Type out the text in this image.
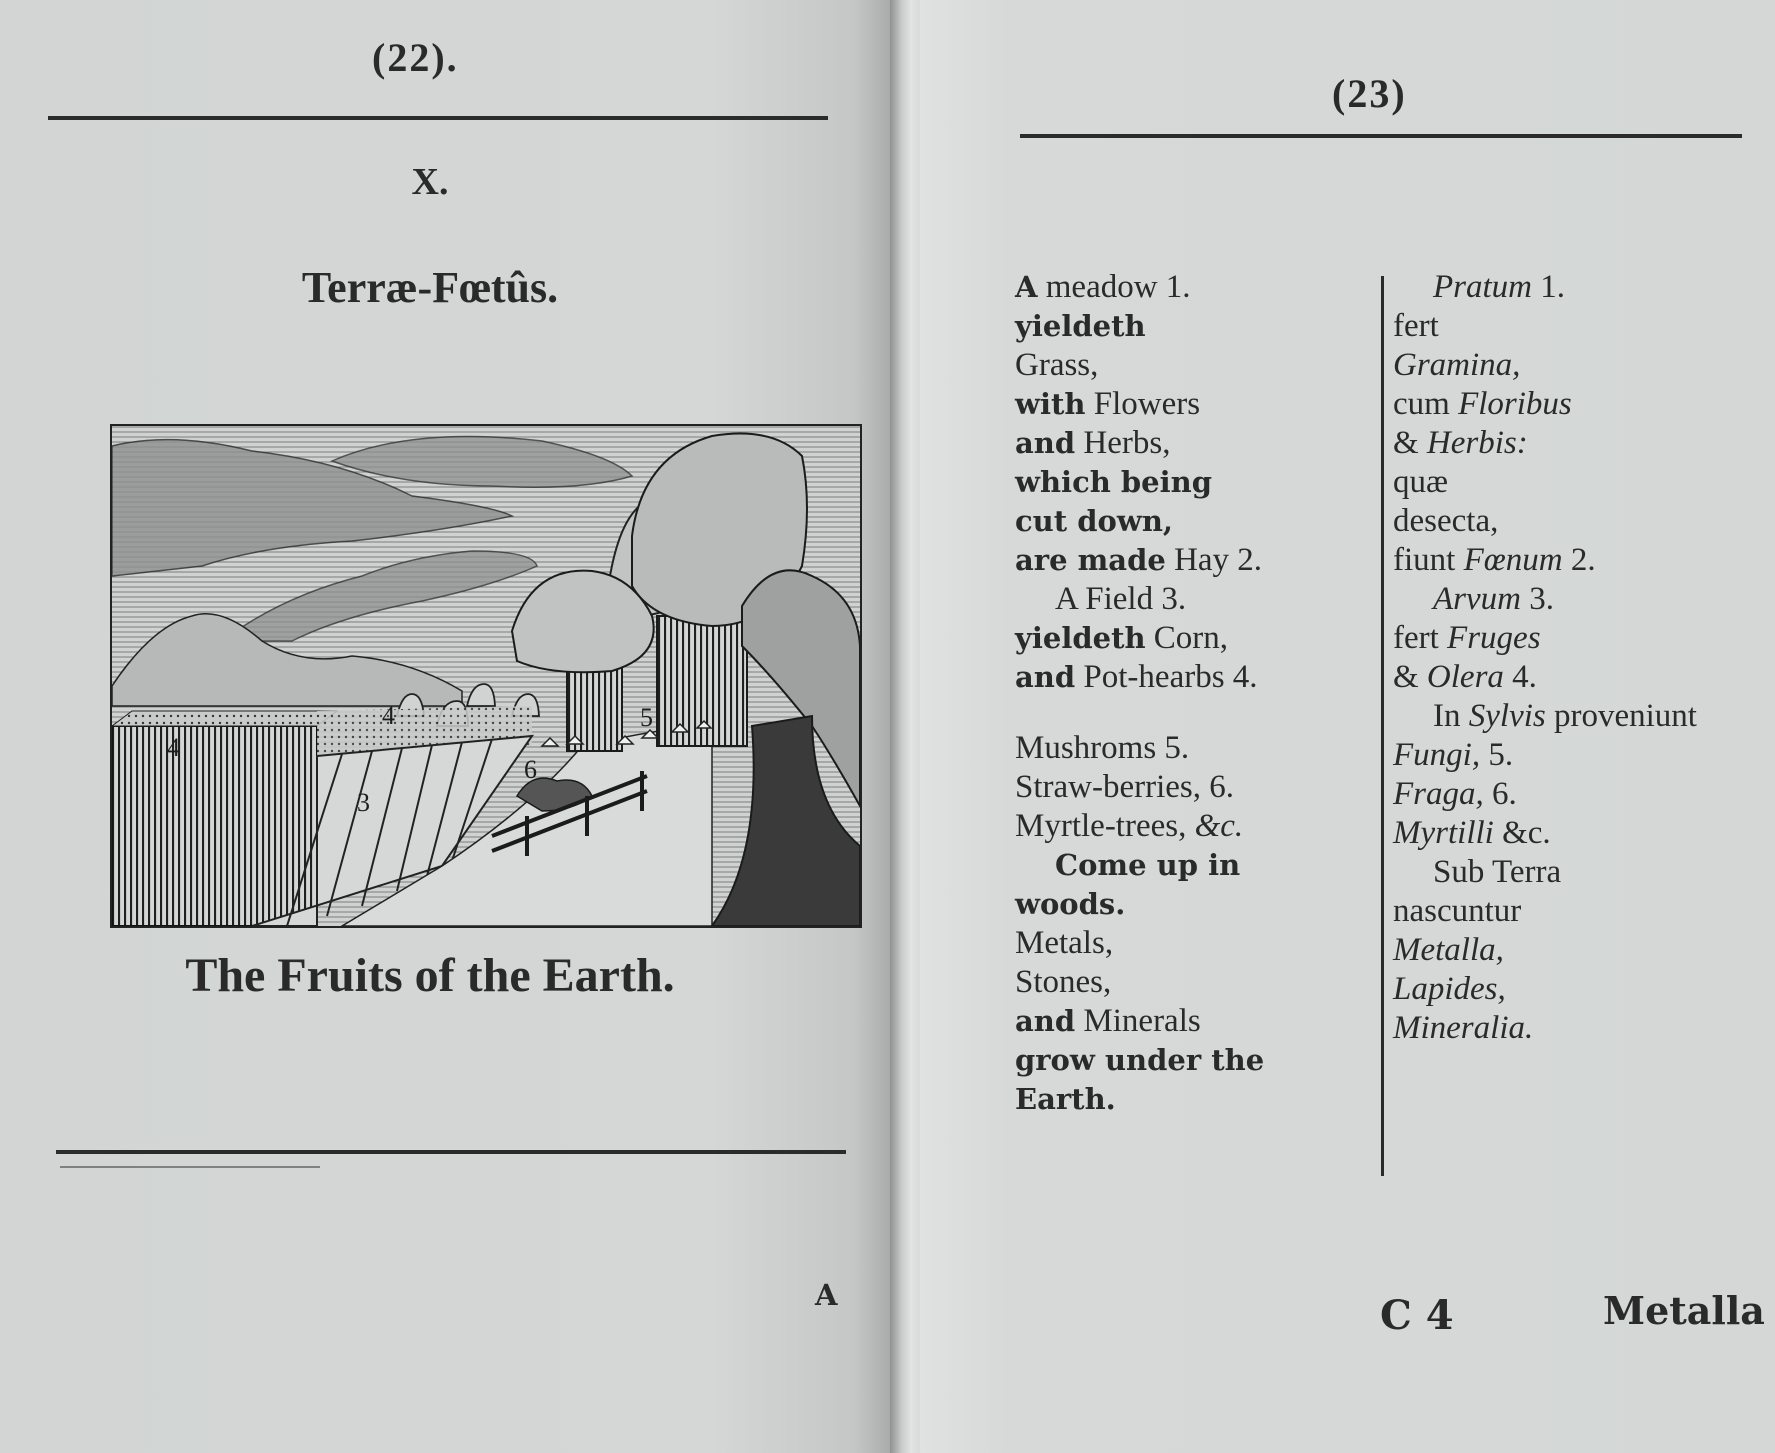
(22).
X.
Terræ-Fœtûs.
4
3
6
4	5
The Fruits of the Earth.
A
(23)
A meadow 1.
yieldeth
Grass,
with Flowers
and Herbs,
which being
cut down,
are made Hay 2.
A Field 3.
yieldeth Corn,
and Pot-hearbs 4.
Mushroms 5.
Straw-berries, 6.
Myrtle-trees, &c.
Come up in
woods.
Metals,
Stones,
and Minerals
grow under the
Earth.
Pratum 1.
fert
Gramina,
cum Floribus
& Herbis:
quæ
desecta,
fiunt Fœnum 2.
Arvum 3.
fert Fruges
& Olera 4.
In Sylvis proveniunt
Fungi, 5.
Fraga, 6.
Myrtilli &c.
Sub Terra
nascuntur
Metalla,
Lapides,
Mineralia.
C 4	Metalla
